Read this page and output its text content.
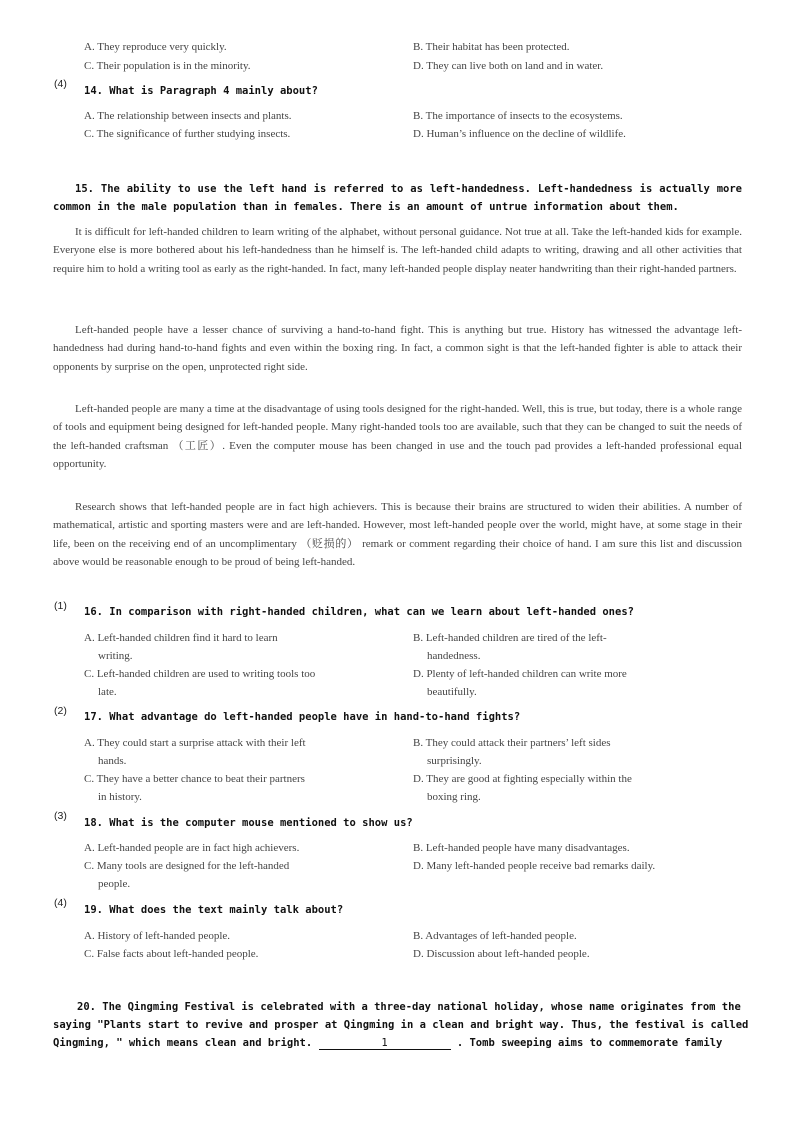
A. They reproduce very quickly.	B. Their habitat has been protected.
C. Their population is in the minority.	D. They can live both on land and in water.
(4)
14. What is Paragraph 4 mainly about?
A. The relationship between insects and plants.	B. The importance of insects to the ecosystems.
C. The significance of further studying insects.	D. Human’s influence on the decline of wildlife.
15. The ability to use the left hand is referred to as left-handedness. Left-handedness is actually more common in the male population than in females. There is an amount of untrue information about them.
It is difficult for left-handed children to learn writing of the alphabet, without personal guidance. Not true at all. Take the left-handed kids for example. Everyone else is more bothered about his left-handedness than he himself is. The left-handed child adapts to writing, drawing and all other activities that require him to hold a writing tool as early as the right-handed. In fact, many left-handed people display neater handwriting than their right-handed partners.
Left-handed people have a lesser chance of surviving a hand-to-hand fight. This is anything but true. History has witnessed the advantage left-handedness had during hand-to-hand fights and even within the boxing ring. In fact, a common sight is that the left-handed fighter is able to attack their opponents by surprise on the open, unprotected right side.
Left-handed people are many a time at the disadvantage of using tools designed for the right-handed. Well, this is true, but today, there is a whole range of tools and equipment being designed for left-handed people. Many right-handed tools too are available, such that they can be changed to suit the needs of the left-handed craftsman （工匠）. Even the computer mouse has been changed in use and the touch pad provides a left-handed professional equal opportunity.
Research shows that left-handed people are in fact high achievers. This is because their brains are structured to widen their abilities. A number of mathematical, artistic and sporting masters were and are left-handed. However, most left-handed people over the world, might have, at some stage in their life, been on the receiving end of an uncomplimentary （贬损的） remark or comment regarding their choice of hand. I am sure this list and discussion above would be reasonable enough to be proud of being left-handed.
(1) 16. In comparison with right-handed children, what can we learn about left-handed ones?
A. Left-handed children find it hard to learn
writing.
B. Left-handed children are tired of the left-
handedness.
C. Left-handed children are used to writing tools too
late.
D. Plenty of left-handed children can write more
beautifully.
(2) 17. What advantage do left-handed people have in hand-to-hand fights?
A. They could start a surprise attack with their left
hands.
B. They could attack their partners’ left sides
surprisingly.
C. They have a better chance to beat their partners
in history.
D. They are good at fighting especially within the
boxing ring.
(3)
18. What is the computer mouse mentioned to show us?
A. Left-handed people are in fact high achievers.	B. Left-handed people have many disadvantages.
C. Many tools are designed for the left-handed
people.
D. Many left-handed people receive bad remarks daily.
(4)
19. What does the text mainly talk about?
A. History of left-handed people.	B. Advantages of left-handed people.
C. False facts about left-handed people.	D. Discussion about left-handed people.
20. The Qingming Festival is celebrated with a three-day national holiday, whose name originates from the
saying "Plants start to revive and prosper at Qingming in a clean and bright way. Thus, the festival is called
Qingming, " which means clean and bright.	1	. Tomb sweeping aims to commemorate family
